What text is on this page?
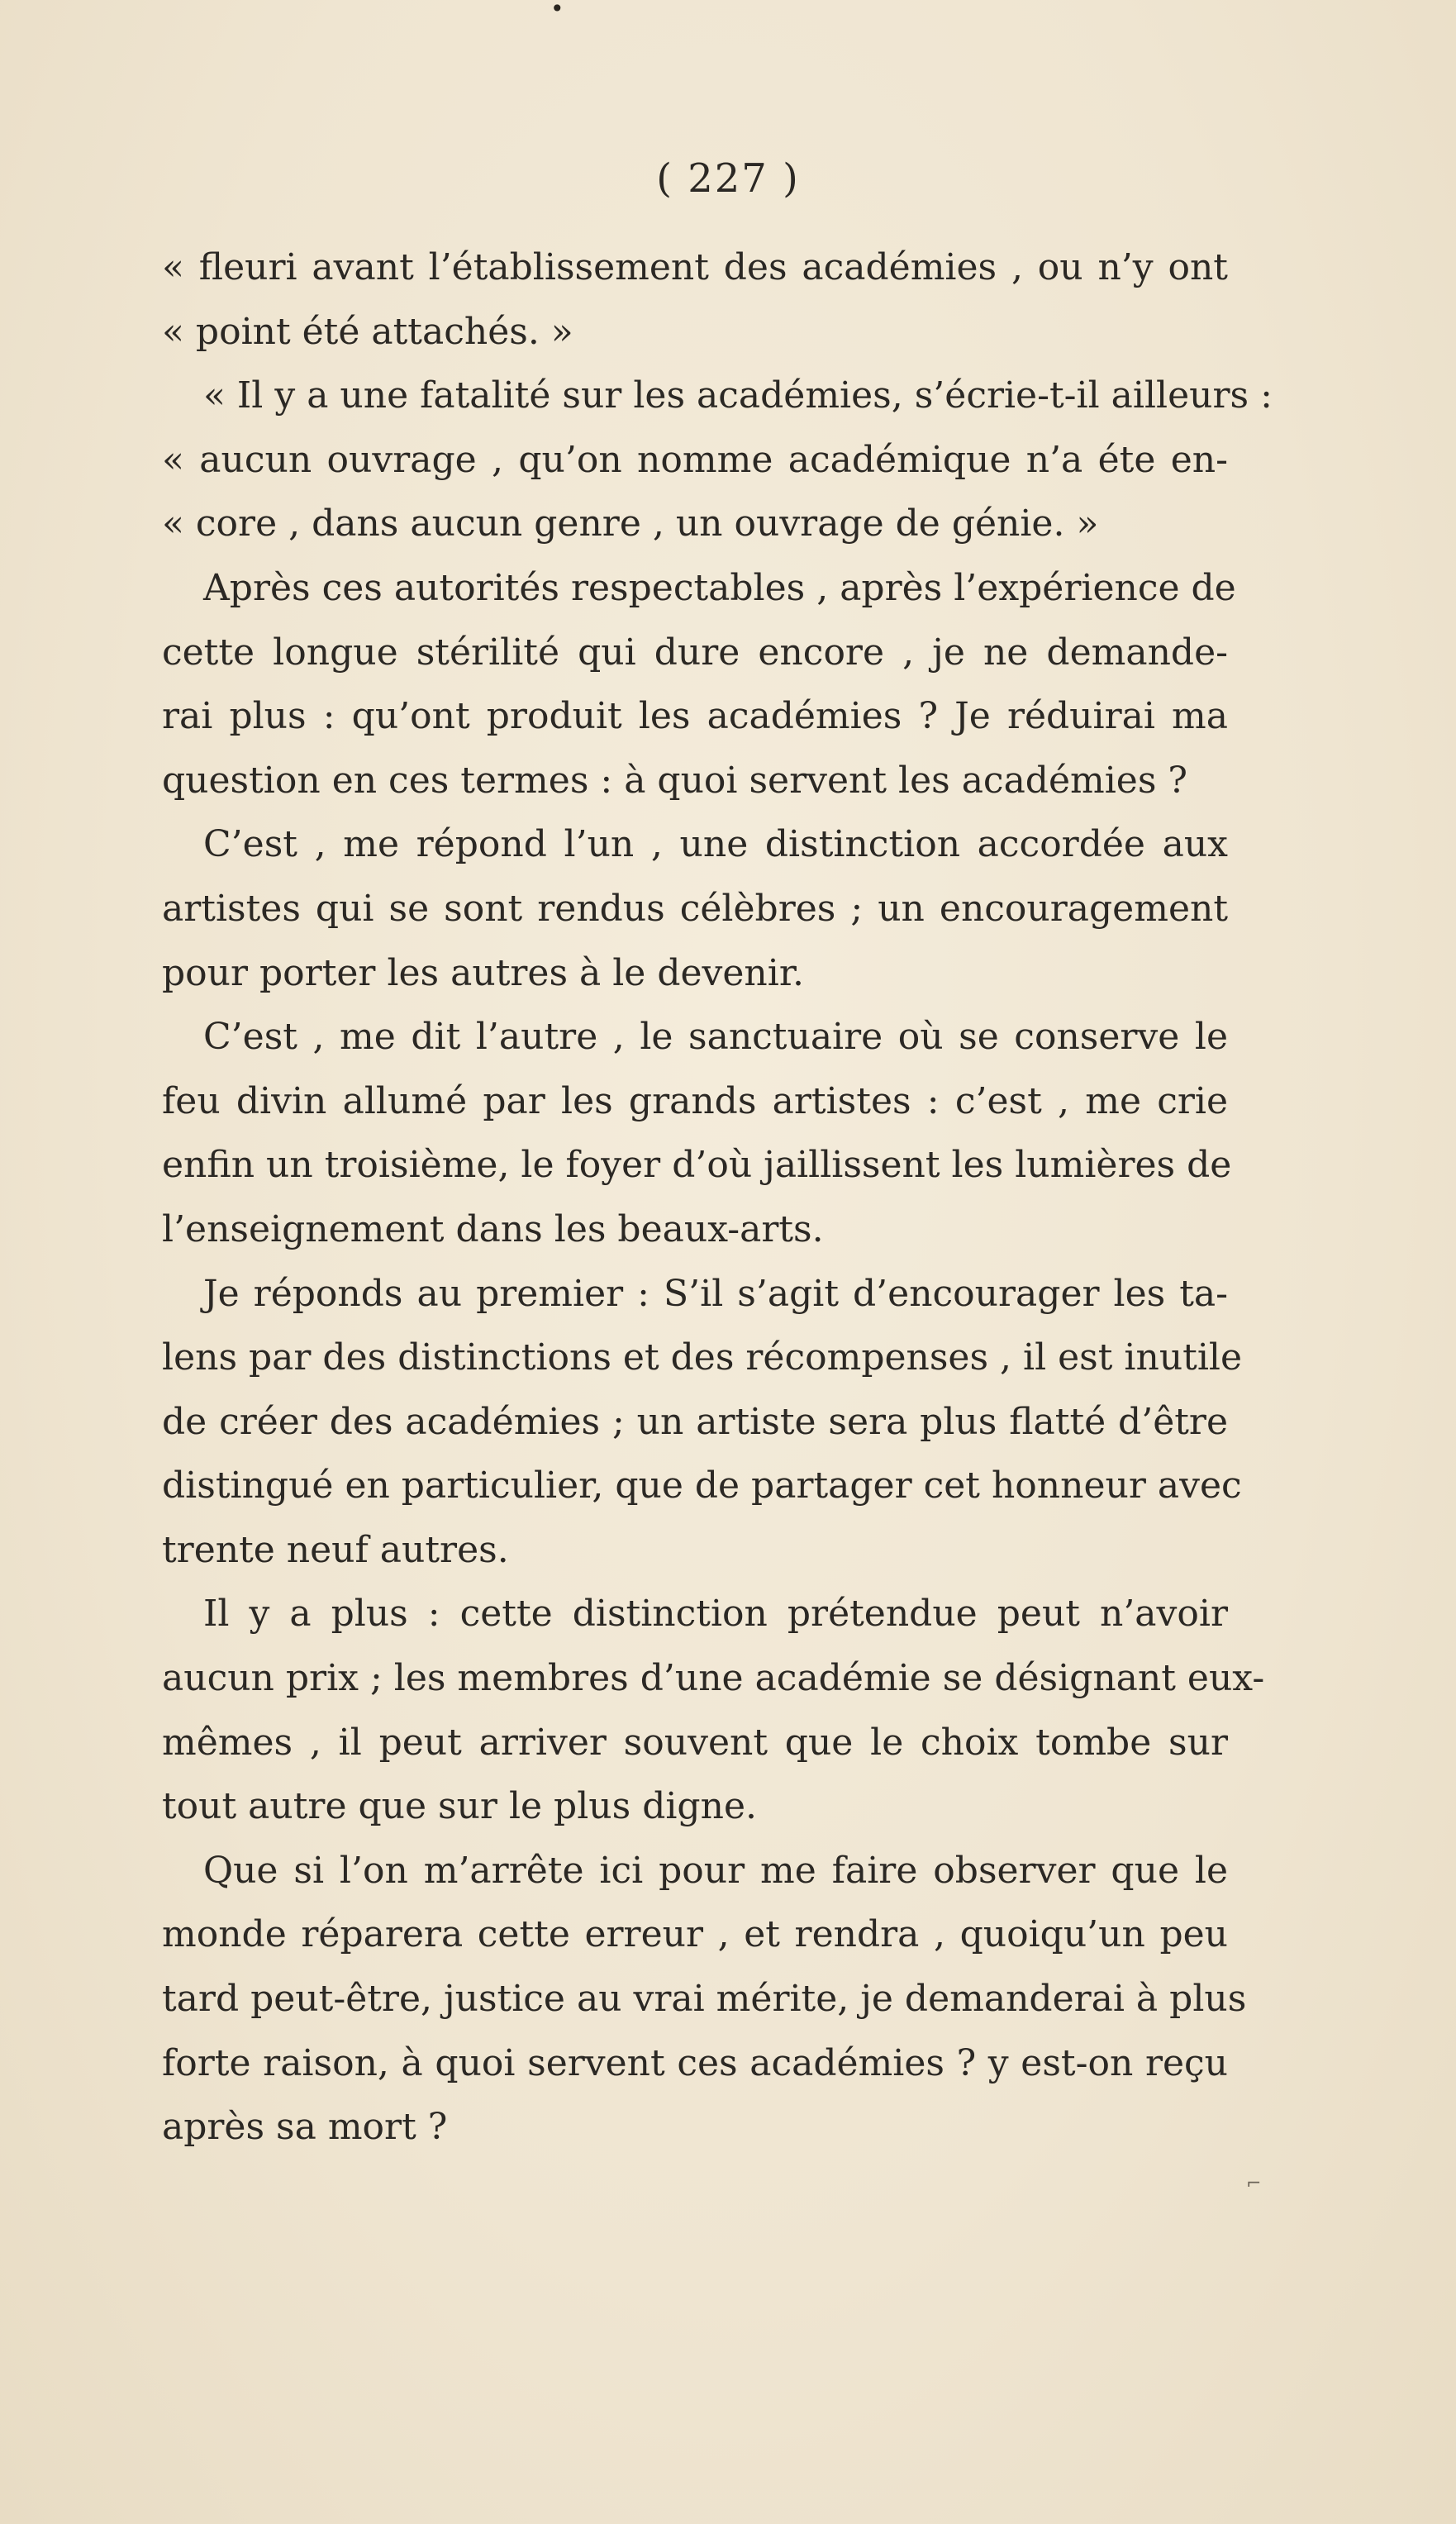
•
⌐
( 227 )
« fleuri avant l’établissement des académies , ou n’y ont
« point été attachés. »
« Il y a une fatalité sur les académies, s’écrie-t-il ailleurs :
« aucun ouvrage , qu’on nomme académique n’a éte en-
« core , dans aucun genre , un ouvrage de génie. »
Après ces autorités respectables , après l’expérience de
cette longue stérilité qui dure encore , je ne demande-
rai plus : qu’ont produit les académies ? Je réduirai ma
question en ces termes : à quoi servent les académies ?
C’est , me répond l’un , une distinction accordée aux
artistes qui se sont rendus célèbres ; un encouragement
pour porter les autres à le devenir.
C’est , me dit l’autre , le sanctuaire où se conserve le
feu divin allumé par les grands artistes : c’est , me crie
enfin un troisième, le foyer d’où jaillissent les lumières de
l’enseignement dans les beaux-arts.
Je réponds au premier : S’il s’agit d’encourager les ta-
lens par des distinctions et des récompenses , il est inutile
de créer des académies ; un artiste sera plus flatté d’être
distingué en particulier, que de partager cet honneur avec
trente neuf autres.
Il y a plus : cette distinction prétendue peut n’avoir
aucun prix ; les membres d’une académie se désignant eux-
mêmes , il peut arriver souvent que le choix tombe sur
tout autre que sur le plus digne.
Que si l’on m’arrête ici pour me faire observer que le
monde réparera cette erreur , et rendra , quoiqu’un peu
tard peut-être, justice au vrai mérite, je demanderai à plus
forte raison, à quoi servent ces académies ? y est-on reçu
après sa mort ?
